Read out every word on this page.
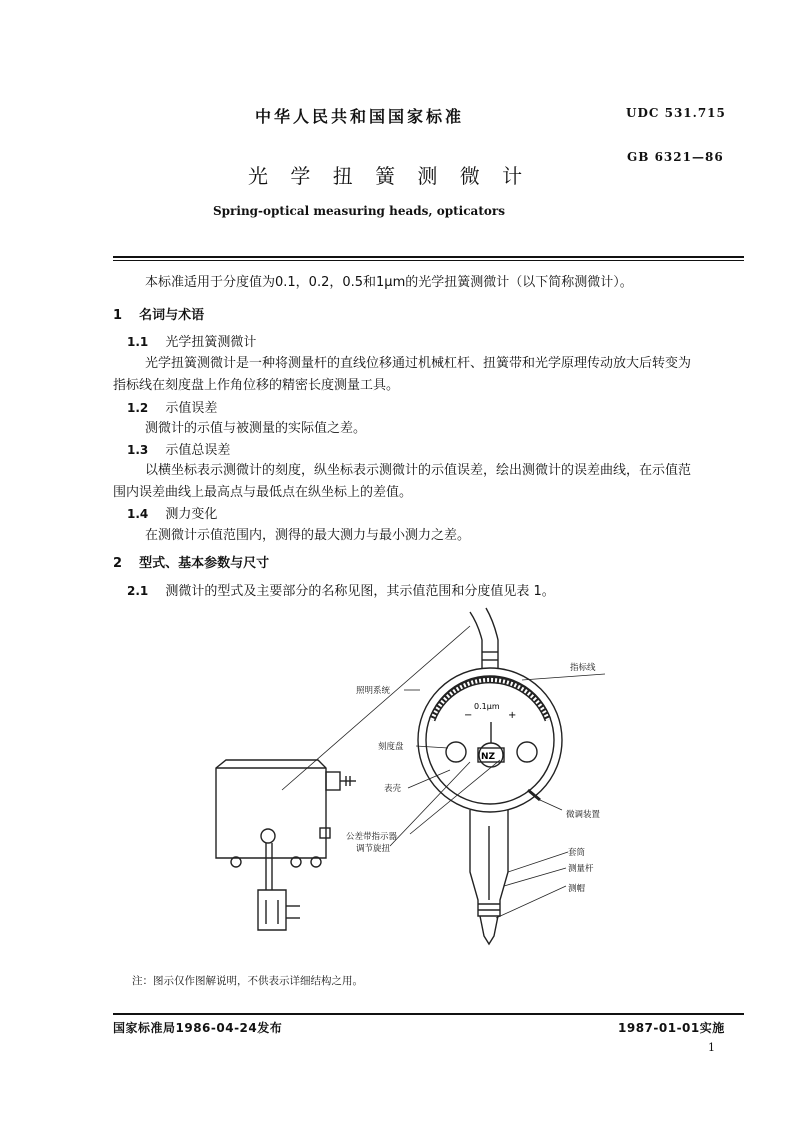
中华人民共和国国家标准	UDC 531.715
GB 6321—86
光 学 扭 簧 测 微 计
Spring-optical measuring heads, opticators
本标准适用于分度值为0.1，0.2，0.5和1μm的光学扭簧测微计（以下简称测微计）。
1 名词与术语
1.1 光学扭簧测微计
光学扭簧测微计是一种将测量杆的直线位移通过机械杠杆、扭簧带和光学原理传动放大后转变为
指标线在刻度盘上作角位移的精密长度测量工具。
1.2 示值误差
测微计的示值与被测量的实际值之差。
1.3 示值总误差
以横坐标表示测微计的刻度，纵坐标表示测微计的示值误差，绘出测微计的误差曲线，在示值范
围内误差曲线上最高点与最低点在纵坐标上的差值。
1.4 测力变化
在测微计示值范围内，测得的最大测力与最小测力之差。
2 型式、基本参数与尺寸
2.1 测微计的型式及主要部分的名称见图，其示值范围和分度值见表 1。
0.1μm
−	+
NZ
指标线
照明系统
刻度盘
表壳
微调装置
公差带指示器
调节旋扭	套筒
测量杆
测帽
注：图示仅作图解说明，不供表示详细结构之用。
国家标准局1986-04-24发布	1987-01-01实施
1
